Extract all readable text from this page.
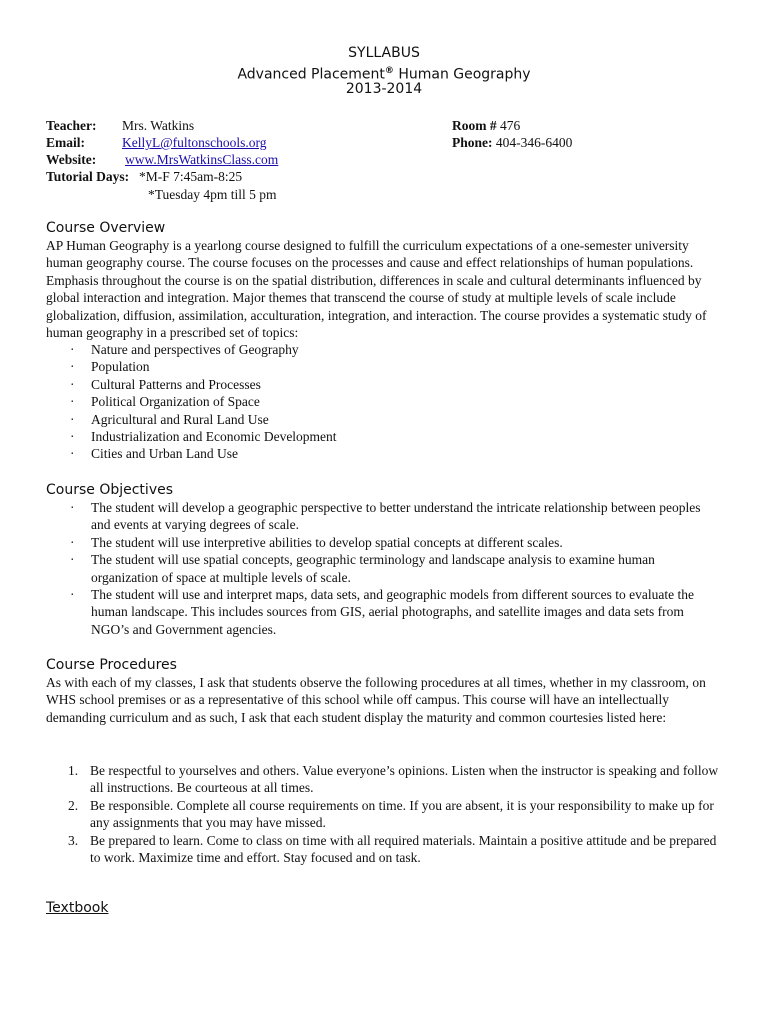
SYLLABUS
Advanced Placement® Human Geography
2013-2014
Teacher: Mrs. Watkins
Email:	KellyL@fultonschools.org
Website: www.MrsWatkinsClass.com
Tutorial Days: *M-F 7:45am-8:25
*Tuesday 4pm till 5 pm
Room # 476
Phone: 404-346-6400
Course Overview
AP Human Geography is a yearlong course designed to fulfill the curriculum expectations of a one-semester university human geography course. The course focuses on the processes and cause and effect relationships of human populations. Emphasis throughout the course is on the spatial distribution, differences in scale and cultural determinants influenced by global interaction and integration. Major themes that transcend the course of study at multiple levels of scale include globalization, diffusion, assimilation, acculturation, integration, and interaction. The course provides a systematic study of human geography in a prescribed set of topics:
· Nature and perspectives of Geography
· Population
· Cultural Patterns and Processes
· Political Organization of Space
· Agricultural and Rural Land Use
· Industrialization and Economic Development
· Cities and Urban Land Use
Course Objectives
· The student will develop a geographic perspective to better understand the intricate relationship between peoples and events at varying degrees of scale.
· The student will use interpretive abilities to develop spatial concepts at different scales.
· The student will use spatial concepts, geographic terminology and landscape analysis to examine human organization of space at multiple levels of scale.
· The student will use and interpret maps, data sets, and geographic models from different sources to evaluate the human landscape. This includes sources from GIS, aerial photographs, and satellite images and data sets from NGO’s and Government agencies.
Course Procedures
As with each of my classes, I ask that students observe the following procedures at all times, whether in my classroom, on WHS school premises or as a representative of this school while off campus. This course will have an intellectually demanding curriculum and as such, I ask that each student display the maturity and common courtesies listed here:
1. Be respectful to yourselves and others. Value everyone’s opinions. Listen when the instructor is speaking and follow all instructions. Be courteous at all times.
2. Be responsible. Complete all course requirements on time. If you are absent, it is your responsibility to make up for any assignments that you may have missed.
3. Be prepared to learn. Come to class on time with all required materials. Maintain a positive attitude and be prepared to work. Maximize time and effort. Stay focused and on task.
Textbook
